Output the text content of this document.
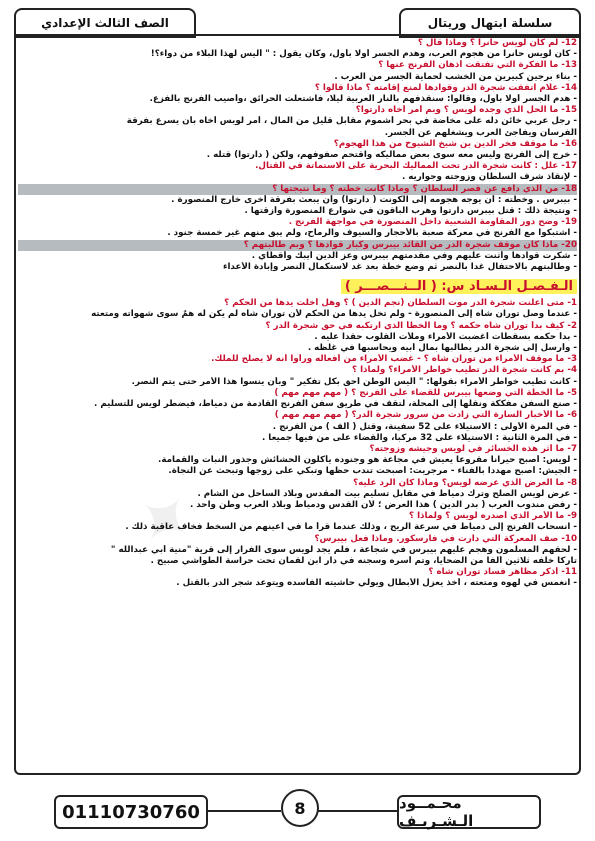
سلسلة ابتهال وريتال
الصف الثالث الإعدادي
12- لم كان لويس حانرا ؟ وماذا قال ؟
- كان لويس حانرا من هجوم العرب، وهدم الجسر أولا بأول، وكان يقول : " أليس لهذا البلاء من دواء؟!
13- ما الفكرة التي تفتقت أذهان الفرنج عنها ؟
- بناء برجين كبيرين من الخشب لحماية الجسر من العرب .
14- علام اتفقت شجرة الدر وقوادها لمنع إقامته ؟ ماذا قالوا ؟
- هدم الجسر أولا بأول، وقالوا: سنقذفهم بالنار العربية ليلا، فاشتعلت الحرائق ،وأصيب الفرنج بالفزع.
15- ما الحل الذي وجده لويس ؟ وبم أمر أخاه دارتوا؟
- رجل عربي خائن دله على مخاضة في بحر أشموم مقابل قليل من المال ، أمر لويس أخاه بأن يسرع بفرقة
الفرسان ويفاجئ العرب ويشغلهم عن الجسر.
16- ما موقف فخر الدين بن شيخ الشيوخ من هذا الهجوم؟
- خرج إلى الفرنج وليس معه سوى بعض مماليكه واقتحم صفوفهم، ولكن ( دارتوا) قتله .
17- علل : كانت شجرة الدر تحت المماليك البحرية على الاستماتة في القتال.
- لإنقاذ شرف السلطان وزوجته وجواريه .
18- من الذي دافع عن قصر السلطان ؟ وماذا كانت خطته ؟ وما نتيجتها ؟
- بيبرس . وخطته : أن يوجه هجومه إلى الكونت ( دارتوا) وأن يبعث بفرقة أخرى خارج المنصورة .
- ونتيجة ذلك : قتل بيبرس دارتوا وهرب الباقون في شوارع المنصورة وأزقتها .
19- وضح دور المقاومة الشعبية داخل المنصورة في مواجهة الفرنج .
- اشتبكوا مع الفرنج في معركة صعبة بالأحجار والسيوف والرماح، ولم يبق منهم غير خمسة جنود .
20- ماذا كان موقف شجرة الدر من القائد بيبرس وكبار قوادها ؟ وبم طالبتهم ؟
- شكرت قوادها وأثنت عليهم وفي مقدمتهم بيبرس وعز الدين أيبك وأقطاي .
- وطالبتهم بالاحتفال غدا بالنصر ثم وضع خطة بعد غد لاستكمال النصر وإبادة الأعداء
الـفـصـل الـسـاد س: ( الــنـــصـــر )
1- متى أعلنت شجرة الدر موت السلطان (نجم الدين ) ؟ وهل أخلت يدها من الحكم ؟
- عندما وصل توران شاه إلى المنصورة - ولم تخل يدها من الحكم لأن توران شاه لم يكن له همٌ سوى شهواته ومتعته
2- كيف بدأ توران شاه حكمه ؟ وما الخطأ الذي ارتكبه في حق شجرة الدر ؟
- بدأ حكمه بسقطات أغضبت الأمراء وملأت القلوب حقدا عليه .
- وأرسل إلى شجرة الدر يطالبها بمال أبيه ويحاسبها في غلظه .
3- ما موقف الأمراء من توران شاه ؟ - غضب الأمراء من أفعاله ورأوا أنه لا يصلح للملك.
4- بم كانت شجرة الدر تطيب خواطر الأمراء؟ ولماذا ؟
- كانت تطيب خواطر الأمراء بقولها: " أليس الوطن أحق بكل تفكير " وبأن ينسوا هذا الأمر حتى يتم النصر.
5- ما الخطة التي وضعها بيبرس للقضاء على الفرنج ؟ ( مهم مهم مهم )
- صنع السفن مفككة ونقلها إلى المحلة، لتقف في طريق سفن الفرنج القادمة من دمياط، فيضطر لويس للتسليم .
6- ما الأخبار السارة التي زادت من سرور شجرة الدر؟ ( مهم مهم مهم )
- في المرة الأولى : الاستيلاء على 52 سفينة، وقتل ( ألف ) من الفرنج .
- في المرة الثانية : الاستيلاء على 32 مركبا، والقضاء على من فيها جميعا .
7- ما أثر هذه الخسائر في لويس وجيشه وزوجته؟
- لويس: أصبح حيرانا مقروعا يعيش في مجاعة هو وجنوده يأكلون الحشائش وجذور النبات والقمامة.
- الجيش: أصبح مهددا بالفناء - مرجريت: أصبحت تندب حظها وتبكي على زوجها وتبحث عن النجاة.
8- ما العرض الذي عرضه لويس؟ وماذا كان الرد عليه؟
- عرض لويس الصلح وترك دمياط في مقابل تسليم بيت المقدس وبلاد الساحل من الشام .
- رفض مندوب العرب ( بدر الدين ) هذا العرض ؛ لأن القدس ودمياط وبلاد العرب وطن واحد .
9- ما الأمر الذي أصدره لويس ؟ ولماذا ؟
- انسحاب الفرنج إلى دمياط في سرعة الريح ، وذلك عندما قرأ ما في أعينهم من السخط فخاف عاقبة ذلك .
10- صف المعركة التي دارت في فارسكور. وماذا فعل بيبرس؟
- لحقهم المسلمون وهجم عليهم بيبرس في شجاعة ، فلم يجد لويس سوى الفرار إلى قرية "منية أبي عبدالله "
تاركا خلفه ثلاثين ألفا من الضحايا، وتم أسره وسجنه في دار ابن لقمان تحت حراسة الطواشي صبيح .
11- أذكر مظاهر فساد توران شاه ؟
- انغمس في لهوه ومتعته ، أخذ يعزل الأبطال ويولي حاشيته الفاسده ويتوعد شجر الدر بالقتل .
✦
01110730760	8	محـمــود الـشـريـف
